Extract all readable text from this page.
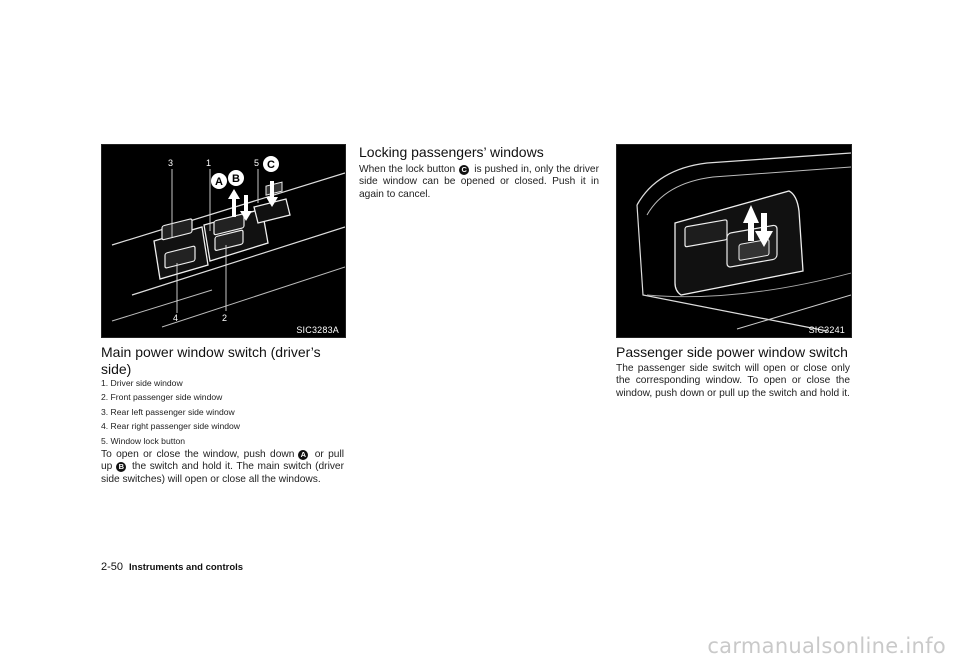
3	1	5
4	2
A B
C
SIC3283A
Main power window switch (driver’s side)
1. Driver side window
2. Front passenger side window
3. Rear left passenger side window
4. Rear right passenger side window
5. Window lock button

To open or close the window, push down A or pull up B the switch and hold it. The main switch (driver side switches) will open or close all the windows.

Locking passengers’ windows

When the lock button C is pushed in, only the driver side window can be opened or closed. Push it in again to cancel.

SIC3241
Passenger side power window switch

The passenger side switch will open or close only the corresponding window. To open or close the window, push down or pull up the switch and hold it.

2-50 Instruments and controls
carmanualsonline.info
